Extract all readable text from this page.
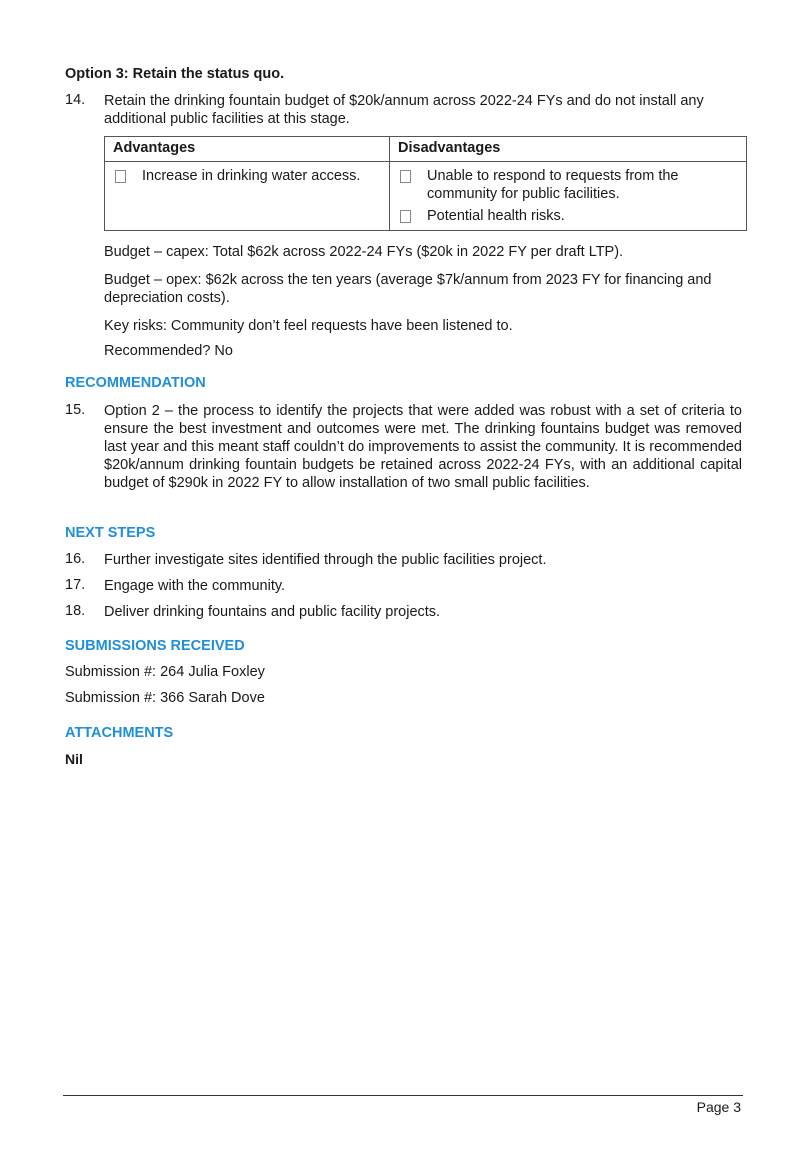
Option 3: Retain the status quo.
14. Retain the drinking fountain budget of $20k/annum across 2022-24 FYs and do not install any additional public facilities at this stage.
Advantages	Disadvantages

Increase in drinking water access.	Unable to respond to requests from the community for public facilities.
Potential health risks.
Budget – capex: Total $62k across 2022-24 FYs ($20k in 2022 FY per draft LTP).
Budget – opex: $62k across the ten years (average $7k/annum from 2023 FY for financing and depreciation costs).
Key risks: Community don’t feel requests have been listened to.
Recommended? No
RECOMMENDATION
15. Option 2 – the process to identify the projects that were added was robust with a set of criteria to ensure the best investment and outcomes were met. The drinking fountains budget was removed last year and this meant staff couldn’t do improvements to assist the community. It is recommended $20k/annum drinking fountain budgets be retained across 2022-24 FYs, with an additional capital budget of $290k in 2022 FY to allow installation of two small public facilities.
NEXT STEPS
16. Further investigate sites identified through the public facilities project.
17. Engage with the community.
18. Deliver drinking fountains and public facility projects.
SUBMISSIONS RECEIVED
Submission #: 264 Julia Foxley
Submission #: 366 Sarah Dove
ATTACHMENTS
Nil
Page 3
